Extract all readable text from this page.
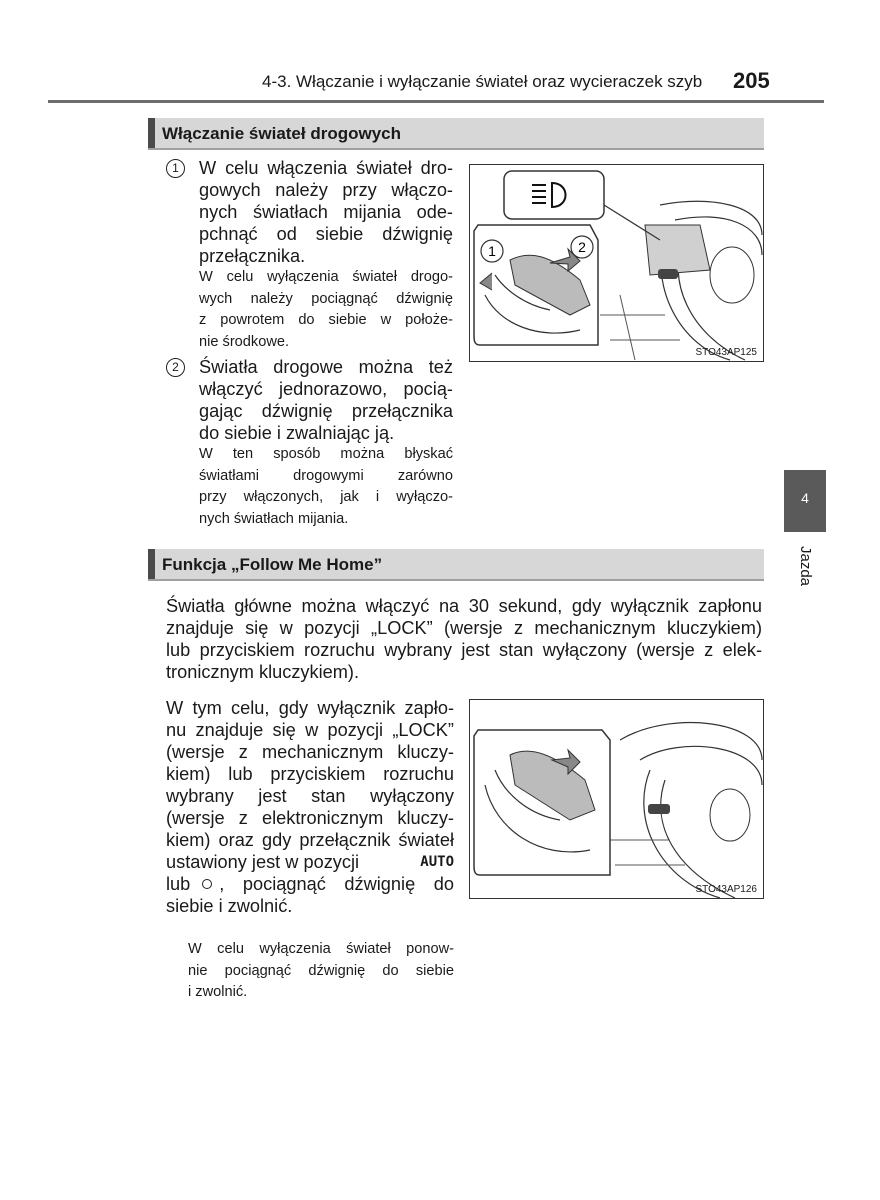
4-3. Włączanie i wyłączanie świateł oraz wycieraczek szyb 205
4
Jazda
Włączanie świateł drogowych
1	W celu włączenia świateł dro-
gowych należy przy włączo-
nych światłach mijania ode-
pchnąć od siebie dźwignię
przełącznika.
W celu wyłączenia świateł drogo-
wych należy pociągnąć dźwignię
z powrotem do siebie w położe-
nie środkowe.
2	Światła drogowe można też
włączyć jednorazowo, pocią-
gając dźwignię przełącznika
do siebie i zwalniając ją.
W ten sposób można błyskać
światłami drogowymi zarówno
przy włączonych, jak i wyłączo-
nych światłach mijania.
1	2
STO43AP125
Funkcja „Follow Me Home”
Światła główne można włączyć na 30 sekund, gdy wyłącznik zapłonu
znajduje się w pozycji „LOCK” (wersje z mechanicznym kluczykiem)
lub przyciskiem rozruchu wybrany jest stan wyłączony (wersje z elek-
tronicznym kluczykiem).
W tym celu, gdy wyłącznik zapło-
nu znajduje się w pozycji „LOCK”
(wersje z mechanicznym kluczy-
kiem) lub przyciskiem rozruchu
wybrany jest stan wyłączony
(wersje z elektronicznym kluczy-
kiem) oraz gdy przełącznik świateł
ustawiony jest w pozycji	AUTO
lub , pociągnąć dźwignię do
siebie i zwolnić.
W celu wyłączenia świateł ponow-
nie pociągnąć dźwignię do siebie
i zwolnić.
STO43AP126
